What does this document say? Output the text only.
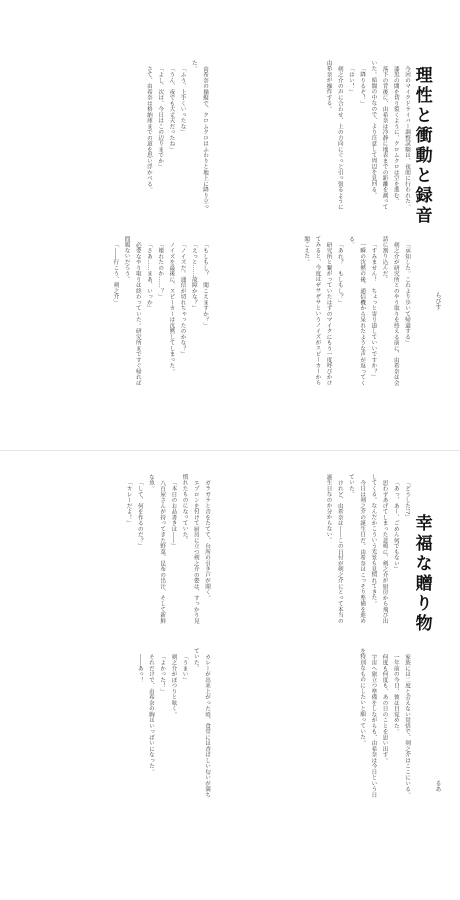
理性と衝動と録音
らびす

今回のマイクドライバー調整試験は、夜間に行われた。

漆黒の闇を切り裂くように、クロムクロは空を進む。

落下の背後に、由希奈は冷静に地表までの距離を測っていた。暗闇の中なので、より注意して周辺を見回る。

「降りるぞ！」

「はい！」

剣之介の声に合わせ、上の方向にぐっと引っ張るように由希奈が操作する。

由希奈の操縦で、クロムクロはふわりと地上に降り立った。

「ふう、上手くいったな」

「うん、夜でも大丈夫だったね」

「よし、次は、今日はこの辺りまでか」

さて、由希奈は格納庫までの道を思い浮かべる。

「承知した。これより歩いて帰還する」

剣之介が研究所とのやり取りを終える前に、由希奈は会話に割り込んだ。

「すみません！　ちょっと寄り道していいですか？」

一瞬の沈黙の後、通信機から呆れたような声が返ってくる。

「あれ？　もしもし？」

研究所と繋がっていたはずのマイクにもう一度呼びかけてみると、今度はザサザサというノイズがスピーカーから聞こえた。

「もしもし？　聞こえますか？」

「えっと……故障かな？」

「ノイズだ。通信が切れちゃったのかな？」

ノイズを最後に、スピーカーは沈黙してしまった。

「壊れたのか……？」

「さあ……まあ、いっか」

必要なやり取りは終わっていた。研究所まですぐ帰れば問題ないだろう。

「――行こう、剣之介」

幸福な贈り物
るあ

「どうした!?」

「あっ、あー、ごめん何でもない」

思わずあげてしまった悲鳴に、剣之介が厨房から飛び出してくる。なんだかこういう光景も見慣れてきた。

今日は剣之介の誕生日だ。由希奈はこっそり準備を進めていた。

けれど、由希奈は――この日付が剣之介にとって本当の誕生日なのか分からない。

ガラガラと音をたてて、台所の引き戸が開く。

エプロンを付けて厨房に立つ剣之介の姿は、すっかり見慣れたものになっていた。

「本日のお品書きは――」

八百屋さんが持ってきた野菜、昆布の出汁、そして新鮮な魚。

「して、何を作るのだ？」

「カレーだよ！」

家族には二度と会えない覚悟で、剣之介はここにいる。

一年前の今日、彼は目覚めた。

何度も何度も、あの日のことを思い出す。

宇宙へ旅立つ準備をしながらも、由希奈は今日という日を特別なものにしたいと願っていた。

カレーが出来上がった頃、食堂には香ばしい匂いが満ちていた。

「うまい」

剣之介がぽつりと呟く。

「よかった！」

それだけで、由希奈の胸はいっぱいになった。

――あっ！
